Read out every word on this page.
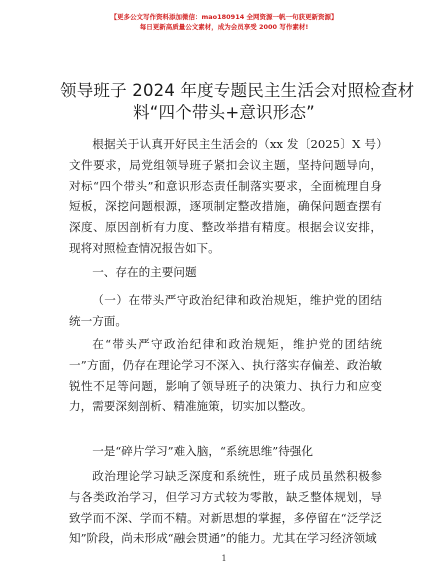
【更多公文写作资料添加微信：mao180914 全网资源一帆一句获更新资源】
每日更新高质量公文素材，成为会员享受 2000 写作素材!
领导班子 2024 年度专题民主生活会对照检查材
料“四个带头+意识形态”

根据关于认真开好民主生活会的（xx 发〔2025〕X 号）文件要求，局党组领导班子紧扣会议主题，坚持问题导向，对标“四个带头”和意识形态责任制落实要求，全面梳理自身短板，深挖问题根源，逐项制定整改措施，确保问题查摆有深度、原因剖析有力度、整改举措有精度。根据会议安排，现将对照检查情况报告如下。

一、存在的主要问题

（一）在带头严守政治纪律和政治规矩，维护党的团结统一方面。

在“带头严守政治纪律和政治规矩，维护党的团结统一”方面，仍存在理论学习不深入、执行落实存偏差、政治敏锐性不足等问题，影响了领导班子的决策力、执行力和应变力，需要深刻剖析、精准施策，切实加以整改。

一是“碎片学习”难入脑，“系统思维”待强化

政治理论学习缺乏深度和系统性，班子成员虽然积极参与各类政治学习，但学习方式较为零散，缺乏整体规划，导致学而不深、学而不精。对新思想的掌握，多停留在“泛学泛知”阶段，尚未形成“融会贯通”的能力。尤其在学习经济领域

1
